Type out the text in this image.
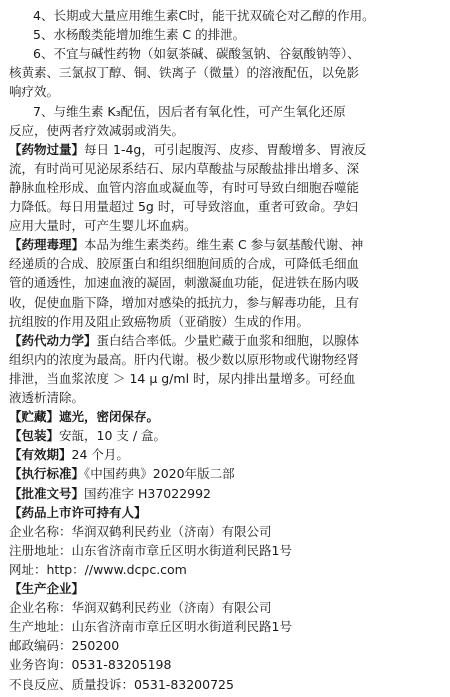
4、长期或大量应用维生素C时，能干扰双硫仑对乙醇的作用。
5、水杨酸类能增加维生素 C 的排泄。
6、不宜与碱性药物（如氨茶碱、碳酸氢钠、谷氨酸钠等）、
核黄素、三氯叔丁醇、铜、铁离子（微量）的溶液配伍，以免影
响疗效。
7、与维生素 K₃配伍，因后者有氧化性，可产生氧化还原
反应，使两者疗效减弱或消失。
【药物过量】每日 1-4g，可引起腹泻、皮疹、胃酸增多、胃液反
流，有时尚可见泌尿系结石、尿内草酸盐与尿酸盐排出增多、深
静脉血栓形成、血管内溶血或凝血等，有时可导致白细胞吞噬能
力降低。每日用量超过 5g 时，可导致溶血，重者可致命。孕妇
应用大量时，可产生婴儿坏血病。
【药理毒理】本品为维生素类药。维生素 C 参与氨基酸代谢、神
经递质的合成、胶原蛋白和组织细胞间质的合成，可降低毛细血
管的通透性，加速血液的凝固，刺激凝血功能，促进铁在肠内吸
收，促使血脂下降，增加对感染的抵抗力，参与解毒功能，且有
抗组胺的作用及阻止致癌物质（亚硝胺）生成的作用。
【药代动力学】蛋白结合率低。少量贮藏于血浆和细胞，以腺体
组织内的浓度为最高。肝内代谢。极少数以原形物或代谢物经肾
排泄，当血浆浓度 ＞ 14 μ g/ml 时，尿内排出量增多。可经血
液透析清除。
【贮藏】遮光，密闭保存。
【包装】安瓿，10 支 / 盒。
【有效期】24 个月。
【执行标准】《中国药典》2020年版二部
【批准文号】国药准字 H37022992
【药品上市许可持有人】
企业名称：华润双鹤利民药业（济南）有限公司
注册地址：山东省济南市章丘区明水街道利民路1号
网址：http：//www.dcpc.com
【生产企业】
企业名称：华润双鹤利民药业（济南）有限公司
生产地址：山东省济南市章丘区明水街道利民路1号
邮政编码：250200
业务咨询：0531-83205198
不良反应、质量投诉：0531-83200725
